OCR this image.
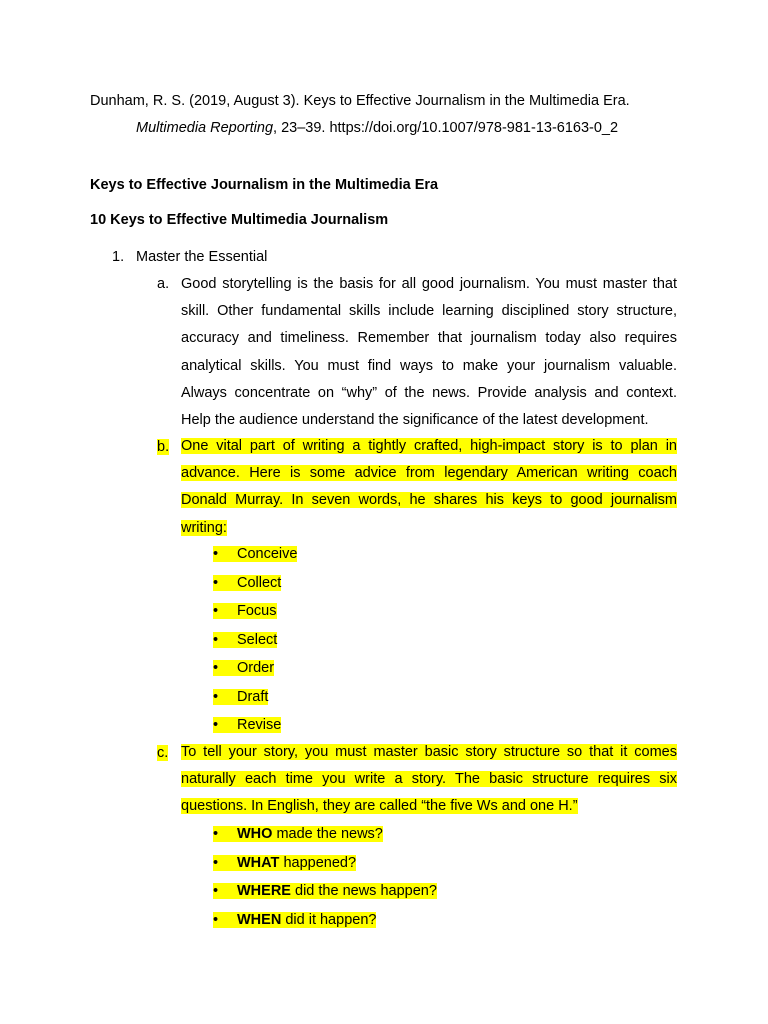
Dunham, R. S. (2019, August 3). Keys to Effective Journalism in the Multimedia Era.
Multimedia Reporting, 23–39. https://doi.org/10.1007/978-981-13-6163-0_2
Keys to Effective Journalism in the Multimedia Era
10 Keys to Effective Multimedia Journalism
1. Master the Essential
a. Good storytelling is the basis for all good journalism. You must master that
skill. Other fundamental skills include learning disciplined story structure,
accuracy and timeliness. Remember that journalism today also requires
analytical skills. You must find ways to make your journalism valuable.
Always concentrate on “why” of the news. Provide analysis and context.
Help the audience understand the significance of the latest development.
b. One vital part of writing a tightly crafted, high-impact story is to plan in
advance. Here is some advice from legendary American writing coach
Donald Murray. In seven words, he shares his keys to good journalism
writing:
• Conceive
• Collect
• Focus
• Select
• Order
• Draft
• Revise
c. To tell your story, you must master basic story structure so that it comes
naturally each time you write a story. The basic structure requires six
questions. In English, they are called “the five Ws and one H.”
• WHO made the news?
• WHAT happened?
• WHERE did the news happen?
• WHEN did it happen?
